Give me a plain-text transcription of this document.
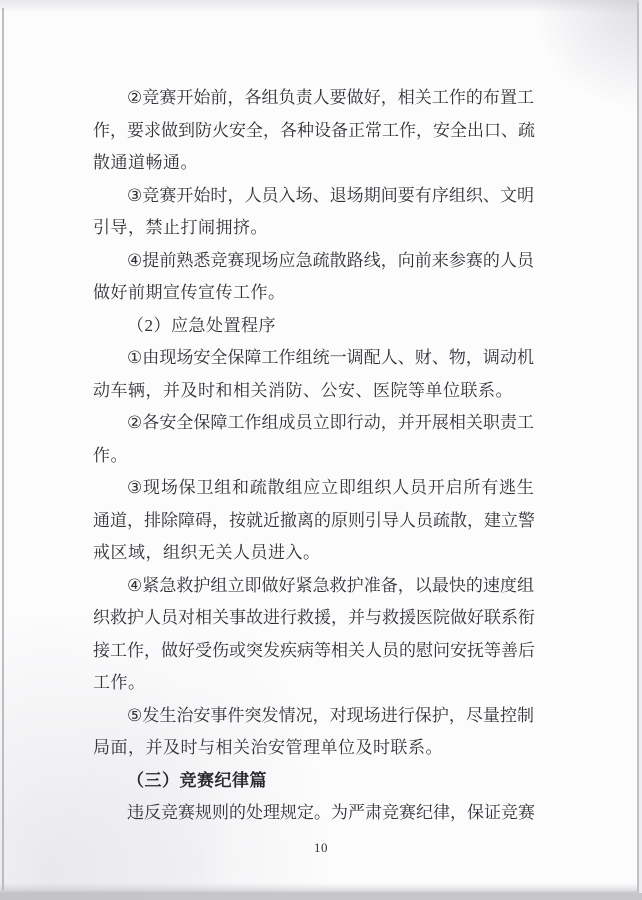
② 竞 赛 开 始 前 ， 各 组 负 责 人 要 做 好 ， 相 关 工 作 的 布 置 工
作 ， 要 求 做 到 防 火 安 全 ， 各 种 设 备 正 常 工 作 ， 安 全 出 口 、 疏
散通道畅通。
③ 竞 赛 开 始 时 ， 人 员 入 场 、 退 场 期 间 要 有 序 组 织 、 文 明
引导，禁止打闹拥挤。
④ 提 前 熟 悉 竞 赛 现 场 应 急 疏 散 路 线 ， 向 前 来 参 赛 的 人 员
做好前期宣传宣传工作。
（2）应急处置程序
① 由 现 场 安 全 保 障 工 作 组 统 一 调 配 人 、 财 、 物 ， 调 动 机
动车辆，并及时和相关消防、公安、医院等单位联系。
② 各 安 全 保 障 工 作 组 成 员 立 即 行 动 ， 并 开 展 相 关 职 责 工
作。
③ 现 场 保 卫 组 和 疏 散 组 应 立 即 组 织 人 员 开 启 所 有 逃 生
通 道 ， 排 除 障 碍 ， 按 就 近 撤 离 的 原 则 引 导 人 员 疏 散 ， 建 立 警
戒区域，组织无关人员进入。
④ 紧 急 救 护 组 立 即 做 好 紧 急 救 护 准 备 ， 以 最 快 的 速 度 组
织 救 护 人 员 对 相 关 事 故 进 行 救 援 ， 并 与 救 援 医 院 做 好 联 系 衔
接 工 作 ， 做 好 受 伤 或 突 发 疾 病 等 相 关 人 员 的 慰 问 安 抚 等 善 后
工作。
⑤ 发 生 治 安 事 件 突 发 情 况 ， 对 现 场 进 行 保 护 ， 尽 量 控 制
局面，并及时与相关治安管理单位及时联系。
（三）竞赛纪律篇
违 反 竞 赛 规 则 的 处 理 规 定 。 为 严 肃 竞 赛 纪 律 ， 保 证 竞 赛
10
